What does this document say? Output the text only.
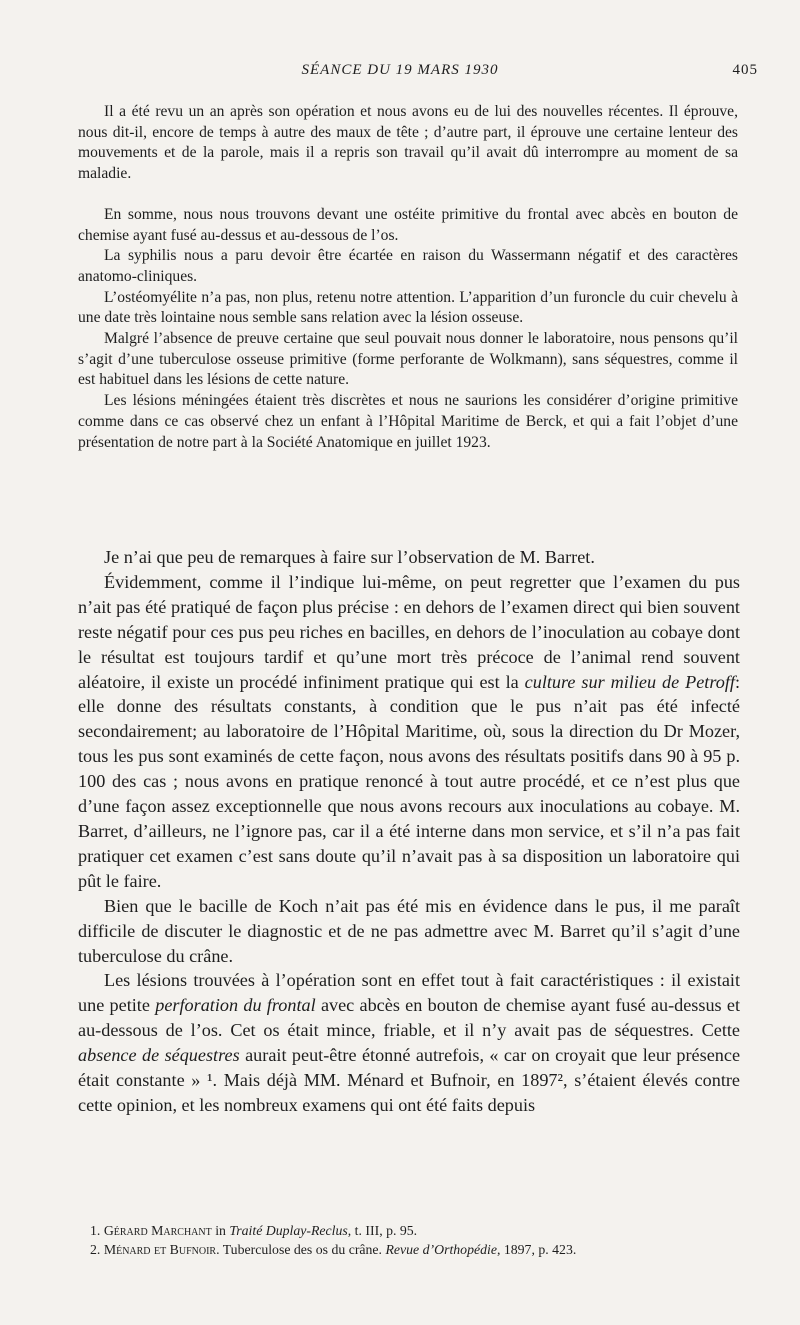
SÉANCE DU 19 MARS 1930	405

Il a été revu un an après son opération et nous avons eu de lui des nouvelles récentes. Il éprouve, nous dit-il, encore de temps à autre des maux de tête ; d’autre part, il éprouve une certaine lenteur des mouvements et de la parole, mais il a repris son travail qu’il avait dû interrompre au moment de sa maladie.

En somme, nous nous trouvons devant une ostéite primitive du frontal avec abcès en bouton de chemise ayant fusé au-dessus et au-dessous de l’os.

La syphilis nous a paru devoir être écartée en raison du Wassermann négatif et des caractères anatomo-cliniques.

L’ostéomyélite n’a pas, non plus, retenu notre attention. L’apparition d’un furoncle du cuir chevelu à une date très lointaine nous semble sans relation avec la lésion osseuse.

Malgré l’absence de preuve certaine que seul pouvait nous donner le laboratoire, nous pensons qu’il s’agit d’une tuberculose osseuse primitive (forme perforante de Wolkmann), sans séquestres, comme il est habituel dans les lésions de cette nature.

Les lésions méningées étaient très discrètes et nous ne saurions les considérer d’origine primitive comme dans ce cas observé chez un enfant à l’Hôpital Maritime de Berck, et qui a fait l’objet d’une présentation de notre part à la Société Anatomique en juillet 1923.

Je n’ai que peu de remarques à faire sur l’observation de M. Barret.

Évidemment, comme il l’indique lui-même, on peut regretter que l’examen du pus n’ait pas été pratiqué de façon plus précise : en dehors de l’examen direct qui bien souvent reste négatif pour ces pus peu riches en bacilles, en dehors de l’inoculation au cobaye dont le résultat est toujours tardif et qu’une mort très précoce de l’animal rend souvent aléatoire, il existe un procédé infiniment pratique qui est la culture sur milieu de Petroff: elle donne des résultats constants, à condition que le pus n’ait pas été infecté secondairement; au laboratoire de l’Hôpital Maritime, où, sous la direction du Dr Mozer, tous les pus sont examinés de cette façon, nous avons des résultats positifs dans 90 à 95 p. 100 des cas ; nous avons en pratique renoncé à tout autre procédé, et ce n’est plus que d’une façon assez exceptionnelle que nous avons recours aux inoculations au cobaye. M. Barret, d’ailleurs, ne l’ignore pas, car il a été interne dans mon service, et s’il n’a pas fait pratiquer cet examen c’est sans doute qu’il n’avait pas à sa disposition un laboratoire qui pût le faire.

Bien que le bacille de Koch n’ait pas été mis en évidence dans le pus, il me paraît difficile de discuter le diagnostic et de ne pas admettre avec M. Barret qu’il s’agit d’une tuberculose du crâne.

Les lésions trouvées à l’opération sont en effet tout à fait caractéristiques : il existait une petite perforation du frontal avec abcès en bouton de chemise ayant fusé au-dessus et au-dessous de l’os. Cet os était mince, friable, et il n’y avait pas de séquestres. Cette absence de séquestres aurait peut-être étonné autrefois, « car on croyait que leur présence était constante » ¹. Mais déjà MM. Ménard et Bufnoir, en 1897², s’étaient élevés contre cette opinion, et les nombreux examens qui ont été faits depuis

1. Gérard Marchant in Traité Duplay-Reclus, t. III, p. 95.

2. Ménard et Bufnoir. Tuberculose des os du crâne. Revue d’Orthopédie, 1897, p. 423.
